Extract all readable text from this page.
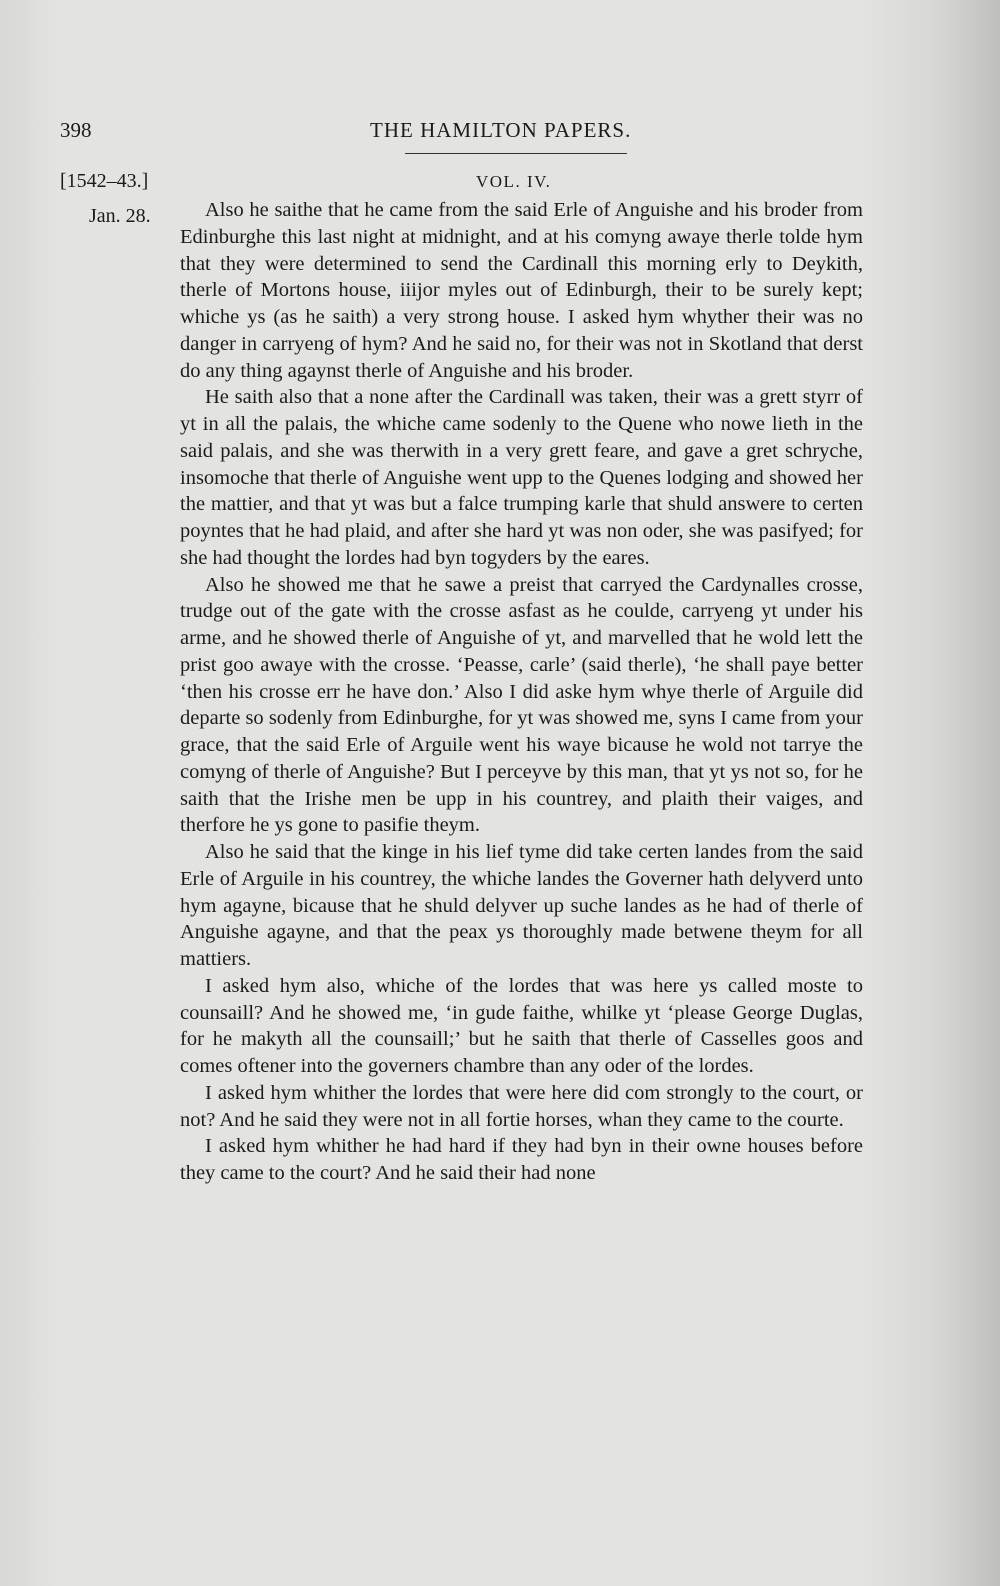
398	THE HAMILTON PAPERS.
[1542–43.]	VOL. IV.
Jan. 28.	Also he saithe that he came from the said Erle of Anguishe and his broder from Edinburghe this last night at midnight, and at his comyng awaye therle tolde hym that they were determined to send the Cardinall this morning erly to Deykith, therle of Mortons house, iiijor myles out of Edinburgh, their to be surely kept; whiche ys (as he saith) a very strong house. I asked hym whyther their was no danger in carryeng of hym? And he said no, for their was not in Skotland that derst do any thing agaynst therle of Anguishe and his broder.

He saith also that a none after the Cardinall was taken, their was a grett styrr of yt in all the palais, the whiche came sodenly to the Quene who nowe lieth in the said palais, and she was therwith in a very grett feare, and gave a gret schryche, insomoche that therle of Anguishe went upp to the Quenes lodging and showed her the mattier, and that yt was but a falce trumping karle that shuld answere to certen poyntes that he had plaid, and after she hard yt was non oder, she was pasifyed; for she had thought the lordes had byn togyders by the eares.

Also he showed me that he sawe a preist that carryed the Cardynalles crosse, trudge out of the gate with the crosse asfast as he coulde, carryeng yt under his arme, and he showed therle of Anguishe of yt, and marvelled that he wold lett the prist goo awaye with the crosse. ‘Peasse, carle’ (said therle), ‘he shall paye better ‘then his crosse err he have don.’ Also I did aske hym whye therle of Arguile did departe so sodenly from Edinburghe, for yt was showed me, syns I came from your grace, that the said Erle of Arguile went his waye bicause he wold not tarrye the comyng of therle of Anguishe? But I perceyve by this man, that yt ys not so, for he saith that the Irishe men be upp in his countrey, and plaith their vaiges, and therfore he ys gone to pasifie theym.

Also he said that the kinge in his lief tyme did take certen landes from the said Erle of Arguile in his countrey, the whiche landes the Governer hath delyverd unto hym agayne, bicause that he shuld delyver up suche landes as he had of therle of Anguishe agayne, and that the peax ys thoroughly made betwene theym for all mattiers.

I asked hym also, whiche of the lordes that was here ys called moste to counsaill? And he showed me, ‘in gude faithe, whilke yt ‘please George Duglas, for he makyth all the counsaill;’ but he saith that therle of Casselles goos and comes oftener into the governers chambre than any oder of the lordes.

I asked hym whither the lordes that were here did com strongly to the court, or not? And he said they were not in all fortie horses, whan they came to the courte.

I asked hym whither he had hard if they had byn in their owne houses before they came to the court? And he said their had none
